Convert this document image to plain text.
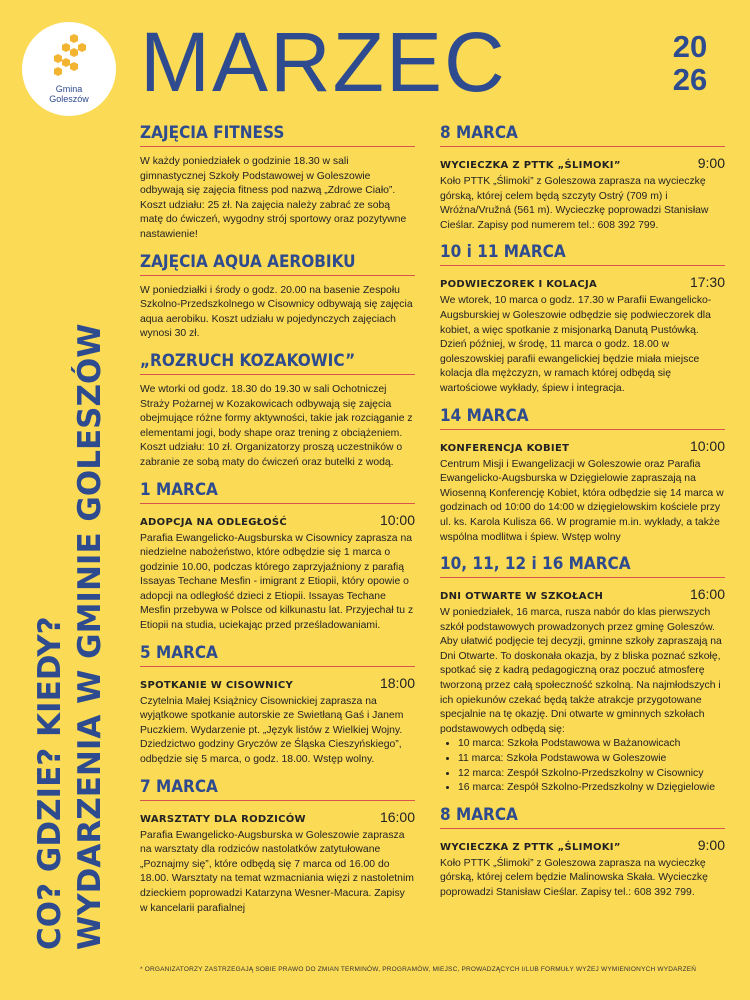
Gmina
Goleszów MARZEC	20
26
CO? GDZIE? KIEDY? WYDARZENIA W GMINIE GOLESZÓW
ZAJĘCIA FITNESS

W każdy poniedziałek o godzinie 18.30 w sali gimnastycznej Szkoły Podstawowej w Goleszowie odbywają się zajęcia fitness pod nazwą „Zdrowe Ciało”. Koszt udziału: 25 zł. Na zajęcia należy zabrać ze sobą matę do ćwiczeń, wygodny strój sportowy oraz pozytywne nastawienie!

ZAJĘCIA AQUA AEROBIKU

W poniedziałki i środy o godz. 20.00 na basenie Zespołu Szkolno-Przedszkolnego w Cisownicy odbywają się zajęcia aqua aerobiku. Koszt udziału w pojedynczych zajęciach wynosi 30 zł.

„ROZRUCH KOZAKOWIC”

We wtorki od godz. 18.30 do 19.30 w sali Ochotniczej Straży Pożarnej w Kozakowicach odbywają się zajęcia obejmujące różne formy aktywności, takie jak rozciąganie z elementami jogi, body shape oraz trening z obciążeniem. Koszt udziału: 10 zł. Organizatorzy proszą uczestników o zabranie ze sobą maty do ćwiczeń oraz butelki z wodą.

1 MARCA
ADOPCJA NA ODLEGŁOŚĆ	10:00

Parafia Ewangelicko-Augsburska w Cisownicy zaprasza na niedzielne nabożeństwo, które odbędzie się 1 marca o godzinie 10.00, podczas którego zaprzyjaźniony z parafią Issayas Techane Mesfin - imigrant z Etiopii, który opowie o adopcji na odległość dzieci z Etiopii. Issayas Techane Mesfin przebywa w Polsce od kilkunastu lat. Przyjechał tu z Etiopii na studia, uciekając przed prześladowaniami.

5 MARCA
SPOTKANIE W CISOWNICY	18:00

Czytelnia Małej Książnicy Cisownickiej zaprasza na wyjątkowe spotkanie autorskie ze Swietłaną Gaś i Janem Puczkiem. Wydarzenie pt. „Język listów z Wielkiej Wojny. Dziedzictwo godziny Gryczów ze Śląska Cieszyńskiego”, odbędzie się 5 marca, o godz. 18.00. Wstęp wolny.

7 MARCA
WARSZTATY DLA RODZICÓW	16:00

Parafia Ewangelicko-Augsburska w Goleszowie zaprasza na warsztaty dla rodziców nastolatków zatytułowane „Poznajmy się”, które odbędą się 7 marca od 16.00 do 18.00. Warsztaty na temat wzmacniania więzi z nastoletnim dzieckiem poprowadzi Katarzyna Wesner-Macura. Zapisy w kancelarii parafialnej

8 MARCA
WYCIECZKA Z PTTK „ŚLIMOKI”	9:00

Koło PTTK „Ślimoki” z Goleszowa zaprasza na wycieczkę górską, której celem będą szczyty Ostrý (709 m) i Wróżna/Vružná (561 m). Wycieczkę poprowadzi Stanisław Cieślar. Zapisy pod numerem tel.: 608 392 799.

10 i 11 MARCA
PODWIECZOREK I KOLACJA	17:30

We wtorek, 10 marca o godz. 17.30 w Parafii Ewangelicko-Augsburskiej w Goleszowie odbędzie się podwieczorek dla kobiet, a więc spotkanie z misjonarką Danutą Pustówką. Dzień później, w środę, 11 marca o godz. 18.00 w goleszowskiej parafii ewangelickiej będzie miała miejsce kolacja dla mężczyzn, w ramach której odbędą się wartościowe wykłady, śpiew i integracja.

14 MARCA
KONFERENCJA KOBIET	10:00

Centrum Misji i Ewangelizacji w Goleszowie oraz Parafia Ewangelicko-Augsburska w Dzięgielowie zapraszają na Wiosenną Konferencję Kobiet, która odbędzie się 14 marca w godzinach od 10:00 do 14:00 w dzięgielowskim kościele przy ul. ks. Karola Kulisza 66. W programie m.in. wykłady, a także wspólna modlitwa i śpiew. Wstęp wolny

10, 11, 12 i 16 MARCA
DNI OTWARTE W SZKOŁACH	16:00

W poniedziałek, 16 marca, rusza nabór do klas pierwszych szkół podstawowych prowadzonych przez gminę Goleszów. Aby ułatwić podjęcie tej decyzji, gminne szkoły zapraszają na Dni Otwarte. To doskonała okazja, by z bliska poznać szkołę, spotkać się z kadrą pedagogiczną oraz poczuć atmosferę tworzoną przez całą społeczność szkolną. Na najmłodszych i ich opiekunów czekać będą także atrakcje przygotowane specjalnie na tę okazję. Dni otwarte w gminnych szkołach podstawowych odbędą się:

• 10 marca: Szkoła Podstawowa w Bażanowicach
• 11 marca: Szkoła Podstawowa w Goleszowie
• 12 marca: Zespół Szkolno-Przedszkolny w Cisownicy
• 16 marca: Zespół Szkolno-Przedszkolny w Dzięgielowie
8 MARCA
WYCIECZKA Z PTTK „ŚLIMOKI”	9:00

Koło PTTK „Ślimoki” z Goleszowa zaprasza na wycieczkę górską, której celem będzie Malinowska Skała. Wycieczkę poprowadzi Stanisław Cieślar. Zapisy tel.: 608 392 799.

* ORGANIZATORZY ZASTRZEGAJĄ SOBIE PRAWO DO ZMIAN TERMINÓW, PROGRAMÓW, MIEJSC, PROWADZĄCYCH I/LUB FORMUŁY WYŻEJ WYMIENIONYCH WYDARZEŃ
